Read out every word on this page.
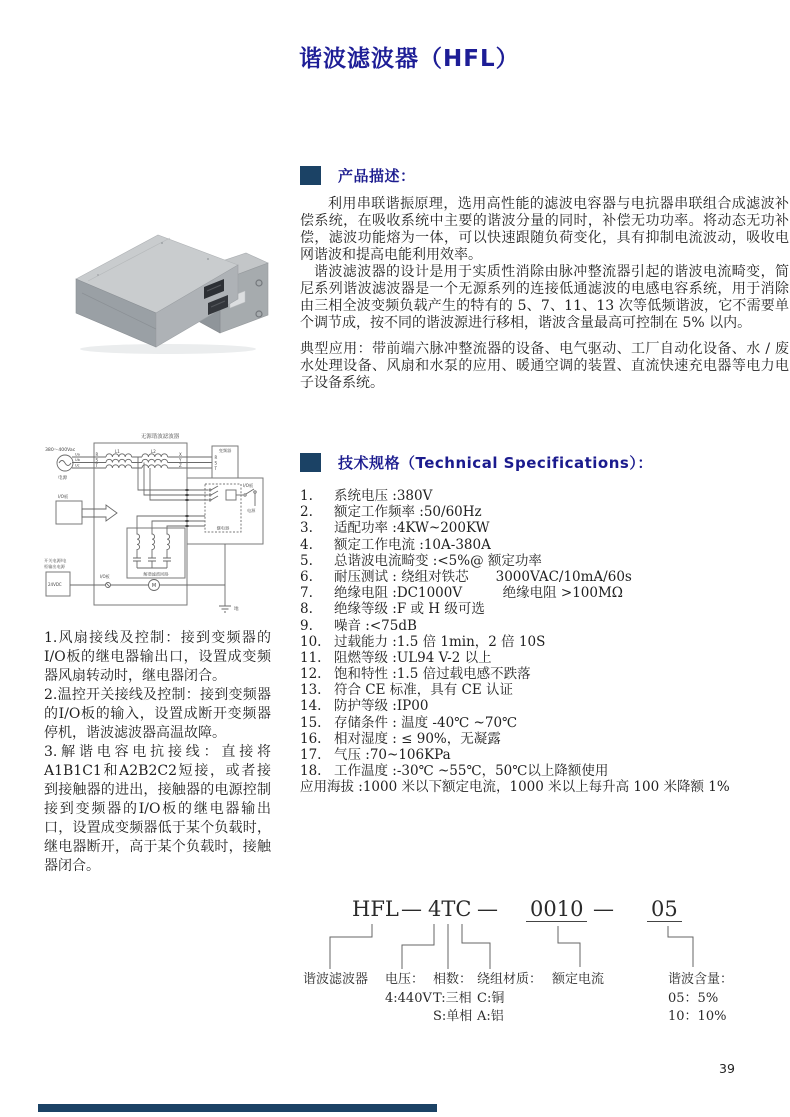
谐波滤波器（HFL）
产品描述：

利用串联谐振原理，选用高性能的滤波电容器与电抗器串联组合成滤波补偿系统，在吸收系统中主要的谐波分量的同时，补偿无功功率。将动态无功补偿，滤波功能熔为一体，可以快速跟随负荷变化，具有抑制电流波动，吸收电网谐波和提高电能利用效率。

谐波滤波器的设计是用于实质性消除由脉冲整流器引起的谐波电流畸变，简尼系列谐波滤波器是一个无源系列的连接低通滤波的电感电容系统，用于消除由三相全波变频负载产生的特有的 5、7、11、13 次等低频谐波，它不需要单个调节成，按不同的谐波源进行移相，谐波含量最高可控制在 5% 以内。

典型应用：带前端六脉冲整流器的设备、电气驱动、工厂自动化设备、水 / 废水处理设备、风扇和水泵的应用、暖通空调的装置、直流快速充电器等电力电子设备系统。

无源谐波滤波器
380～400Vac
电源
Ua
Ub
Uc
R
S
T
L1	L2
X
Y
Z
变频器
R
S
T
继电器
I/O板
电源
解谐滤波回路
I/O板
开关电源/电
柜输出电源
24VDC
I/O板
M
地

1.风扇接线及控制：接到变频器的I/O板的继电器输出口，设置成变频器风扇转动时，继电器闭合。

2.温控开关接线及控制：接到变频器的I/O板的输入，设置成断开变频器停机，谐波滤波器高温故障。

3.解谐电容电抗接线：直接将A1B1C1和A2B2C2短接，或者接到接触器的进出，接触器的电源控制接到变频器的I/O板的继电器输出口，设置成变频器低于某个负载时，继电器断开，高于某个负载时，接触器闭合。

技术规格（Technical Specifications）：
1.	系统电压 :380V
2.	额定工作频率 :50/60Hz
3.	适配功率 :4KW~200KW
4.	额定工作电流 :10A-380A
5.	总谐波电流畸变 :<5%@ 额定功率
6.	耐压测试 : 绕组对铁芯　　3000VAC/10mA/60s
7.	绝缘电阻 :DC1000V　　　绝缘电阻 >100MΩ
8.	绝缘等级 :F 或 H 级可选
9.	噪音 :<75dB
10. 过载能力 :1.5 倍 1min，2 倍 10S
11. 阻燃等级 :UL94 V-2 以上
12. 饱和特性 :1.5 倍过载电感不跌落
13. 符合 CE 标准，具有 CE 认证
14. 防护等级 :IP00
15. 存储条件 : 温度 -40℃ ~70℃
16. 相对湿度 : ≤ 90%，无凝露
17. 气压 :70~106KPa
18. 工作温度 :-30℃ ~55℃，50℃以上降额使用

应用海拔 :1000 米以下额定电流，1000 米以上每升高 100 米降额 1%

HFL — 4TC — 0010 — 05
谐波滤波器 电压：
4:440V
相数：
T:三相
S:单相
绕组材质：
C:铜
A:铝
额定电流	谐波含量：
05：5%
10：10%
39
